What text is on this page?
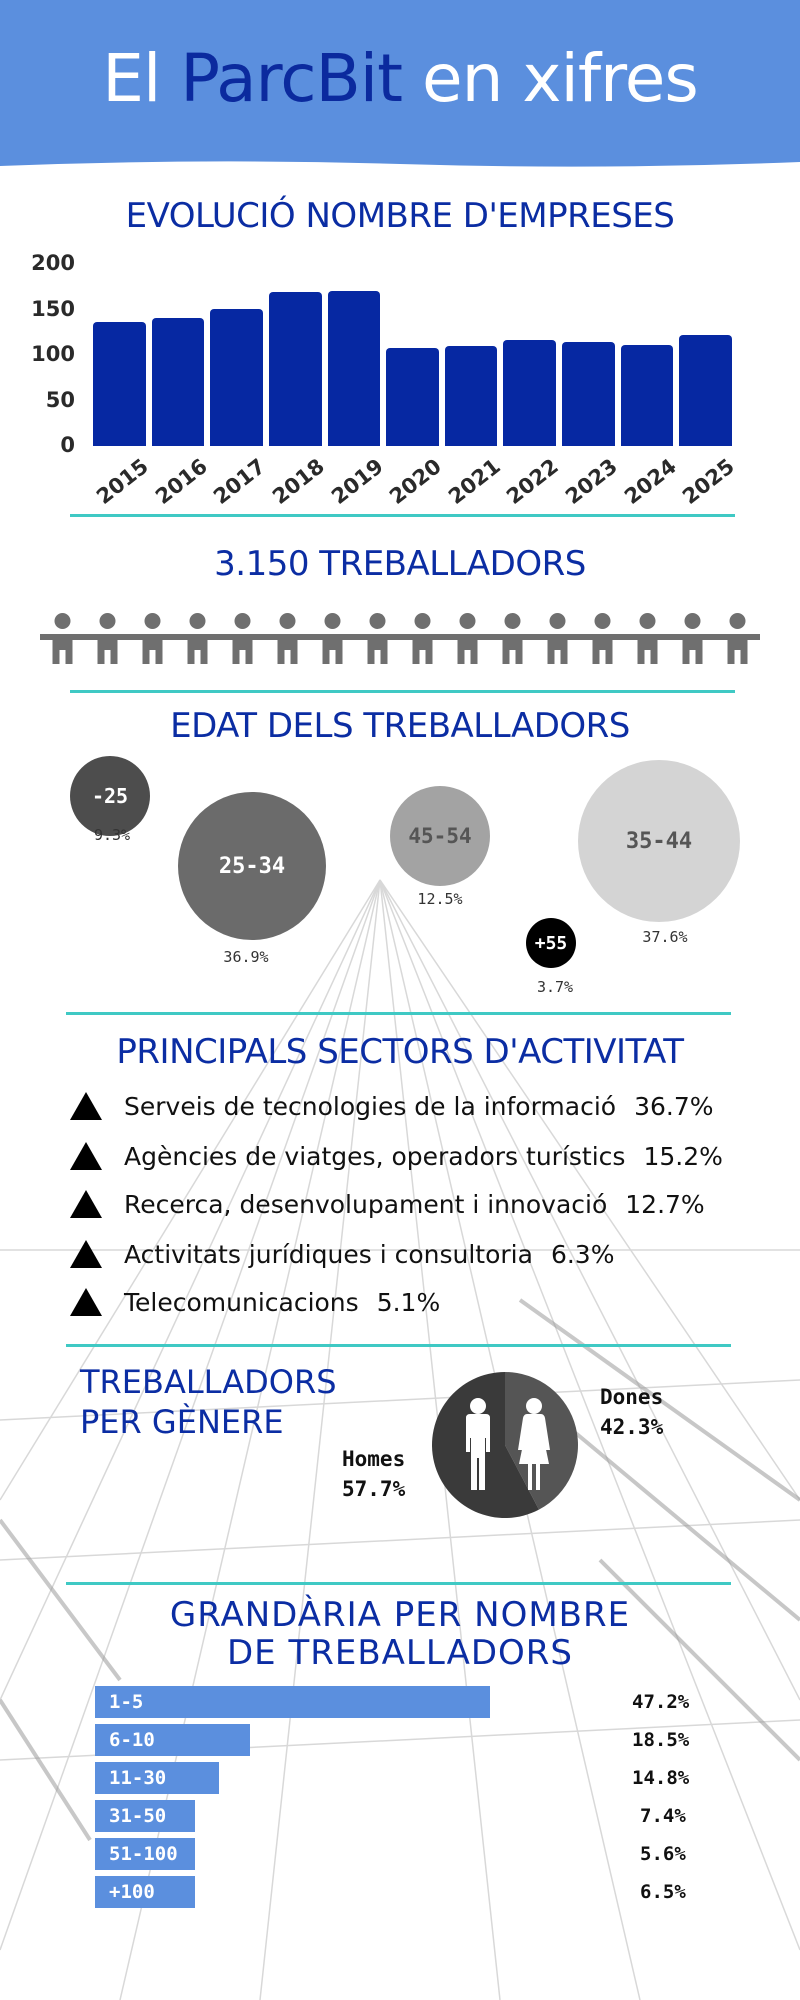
El ParcBit en xifres
EVOLUCIÓ NOMBRE D'EMPRESES
0
50
100
150
200
2015
2016
2017
2018
2019
2020
2021
2022
2023
2024
2025
3.150 TREBALLADORS
EDAT DELS TREBALLADORS
-25
9.3%
25-34
36.9%
45-54
12.5%
+55
3.7%
35-44
37.6%
PRINCIPALS SECTORS D'ACTIVITAT
Serveis de tecnologies de la informació 36.7%
Agències de viatges, operadors turístics 15.2%
Recerca, desenvolupament i innovació 12.7%
Activitats jurídiques i consultoria 6.3%
Telecomunicacions 5.1%
TREBALLADORS
PER GÈNERE
Homes
57.7%
Dones
42.3%
GRANDÀRIA PER NOMBRE
DE TREBALLADORS
1-5	47.2%
6-10	18.5%
11-30	14.8%
31-50	7.4%
51-100	5.6%
+100	6.5%
